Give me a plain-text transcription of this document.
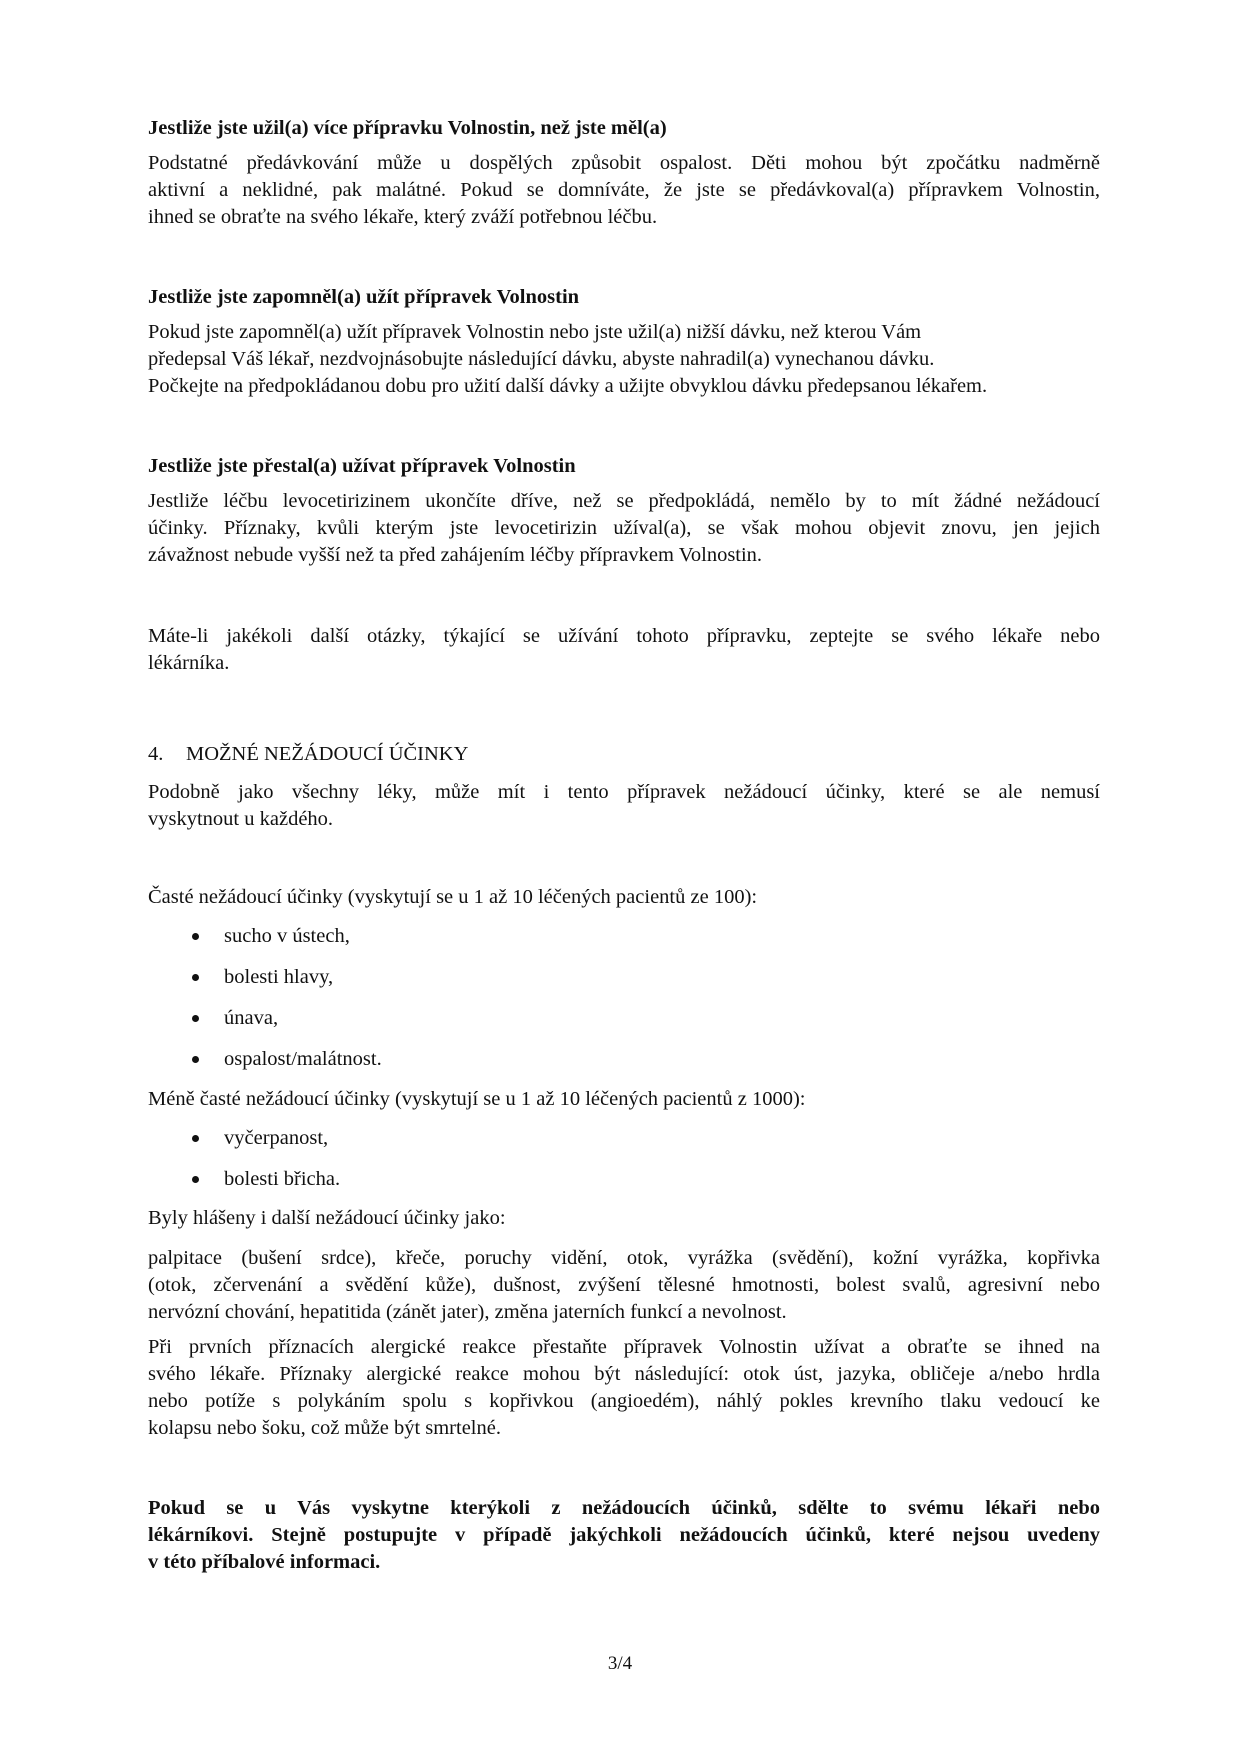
Jestliže jste užil(a) více přípravku Volnostin, než jste měl(a)
Podstatné předávkování může u dospělých způsobit ospalost. Děti mohou být zpočátku nadměrně
aktivní a neklidné, pak malátné. Pokud se domníváte, že jste se předávkoval(a) přípravkem Volnostin,
ihned se obraťte na svého lékaře, který zváží potřebnou léčbu.
Jestliže jste zapomněl(a) užít přípravek Volnostin
Pokud jste zapomněl(a) užít přípravek Volnostin nebo jste užil(a) nižší dávku, než kterou Vám
předepsal Váš lékař, nezdvojnásobujte následující dávku, abyste nahradil(a) vynechanou dávku.
Počkejte na předpokládanou dobu pro užití další dávky a užijte obvyklou dávku předepsanou lékařem.
Jestliže jste přestal(a) užívat přípravek Volnostin
Jestliže léčbu levocetirizinem ukončíte dříve, než se předpokládá, nemělo by to mít žádné nežádoucí
účinky. Příznaky, kvůli kterým jste levocetirizin užíval(a), se však mohou objevit znovu, jen jejich
závažnost nebude vyšší než ta před zahájením léčby přípravkem Volnostin.
Máte-li jakékoli další otázky, týkající se užívání tohoto přípravku, zeptejte se svého lékaře nebo
lékárníka.
4. MOŽNÉ NEŽÁDOUCÍ ÚČINKY
Podobně jako všechny léky, může mít i tento přípravek nežádoucí účinky, které se ale nemusí
vyskytnout u každého.
Časté nežádoucí účinky (vyskytují se u 1 až 10 léčených pacientů ze 100):
sucho v ústech,
bolesti hlavy,
únava,
ospalost/malátnost.
Méně časté nežádoucí účinky (vyskytují se u 1 až 10 léčených pacientů z 1000):
vyčerpanost,
bolesti břicha.
Byly hlášeny i další nežádoucí účinky jako:
palpitace (bušení srdce), křeče, poruchy vidění, otok, vyrážka (svědění), kožní vyrážka, kopřivka
(otok, zčervenání a svědění kůže), dušnost, zvýšení tělesné hmotnosti, bolest svalů, agresivní nebo
nervózní chování, hepatitida (zánět jater), změna jaterních funkcí a nevolnost.
Při prvních příznacích alergické reakce přestaňte přípravek Volnostin užívat a obraťte se ihned na
svého lékaře. Příznaky alergické reakce mohou být následující: otok úst, jazyka, obličeje a/nebo hrdla
nebo potíže s polykáním spolu s kopřivkou (angioedém), náhlý pokles krevního tlaku vedoucí ke
kolapsu nebo šoku, což může být smrtelné.
Pokud se u Vás vyskytne kterýkoli z nežádoucích účinků, sdělte to svému lékaři nebo
lékárníkovi. Stejně postupujte v případě jakýchkoli nežádoucích účinků, které nejsou uvedeny
v této příbalové informaci.
3/4
